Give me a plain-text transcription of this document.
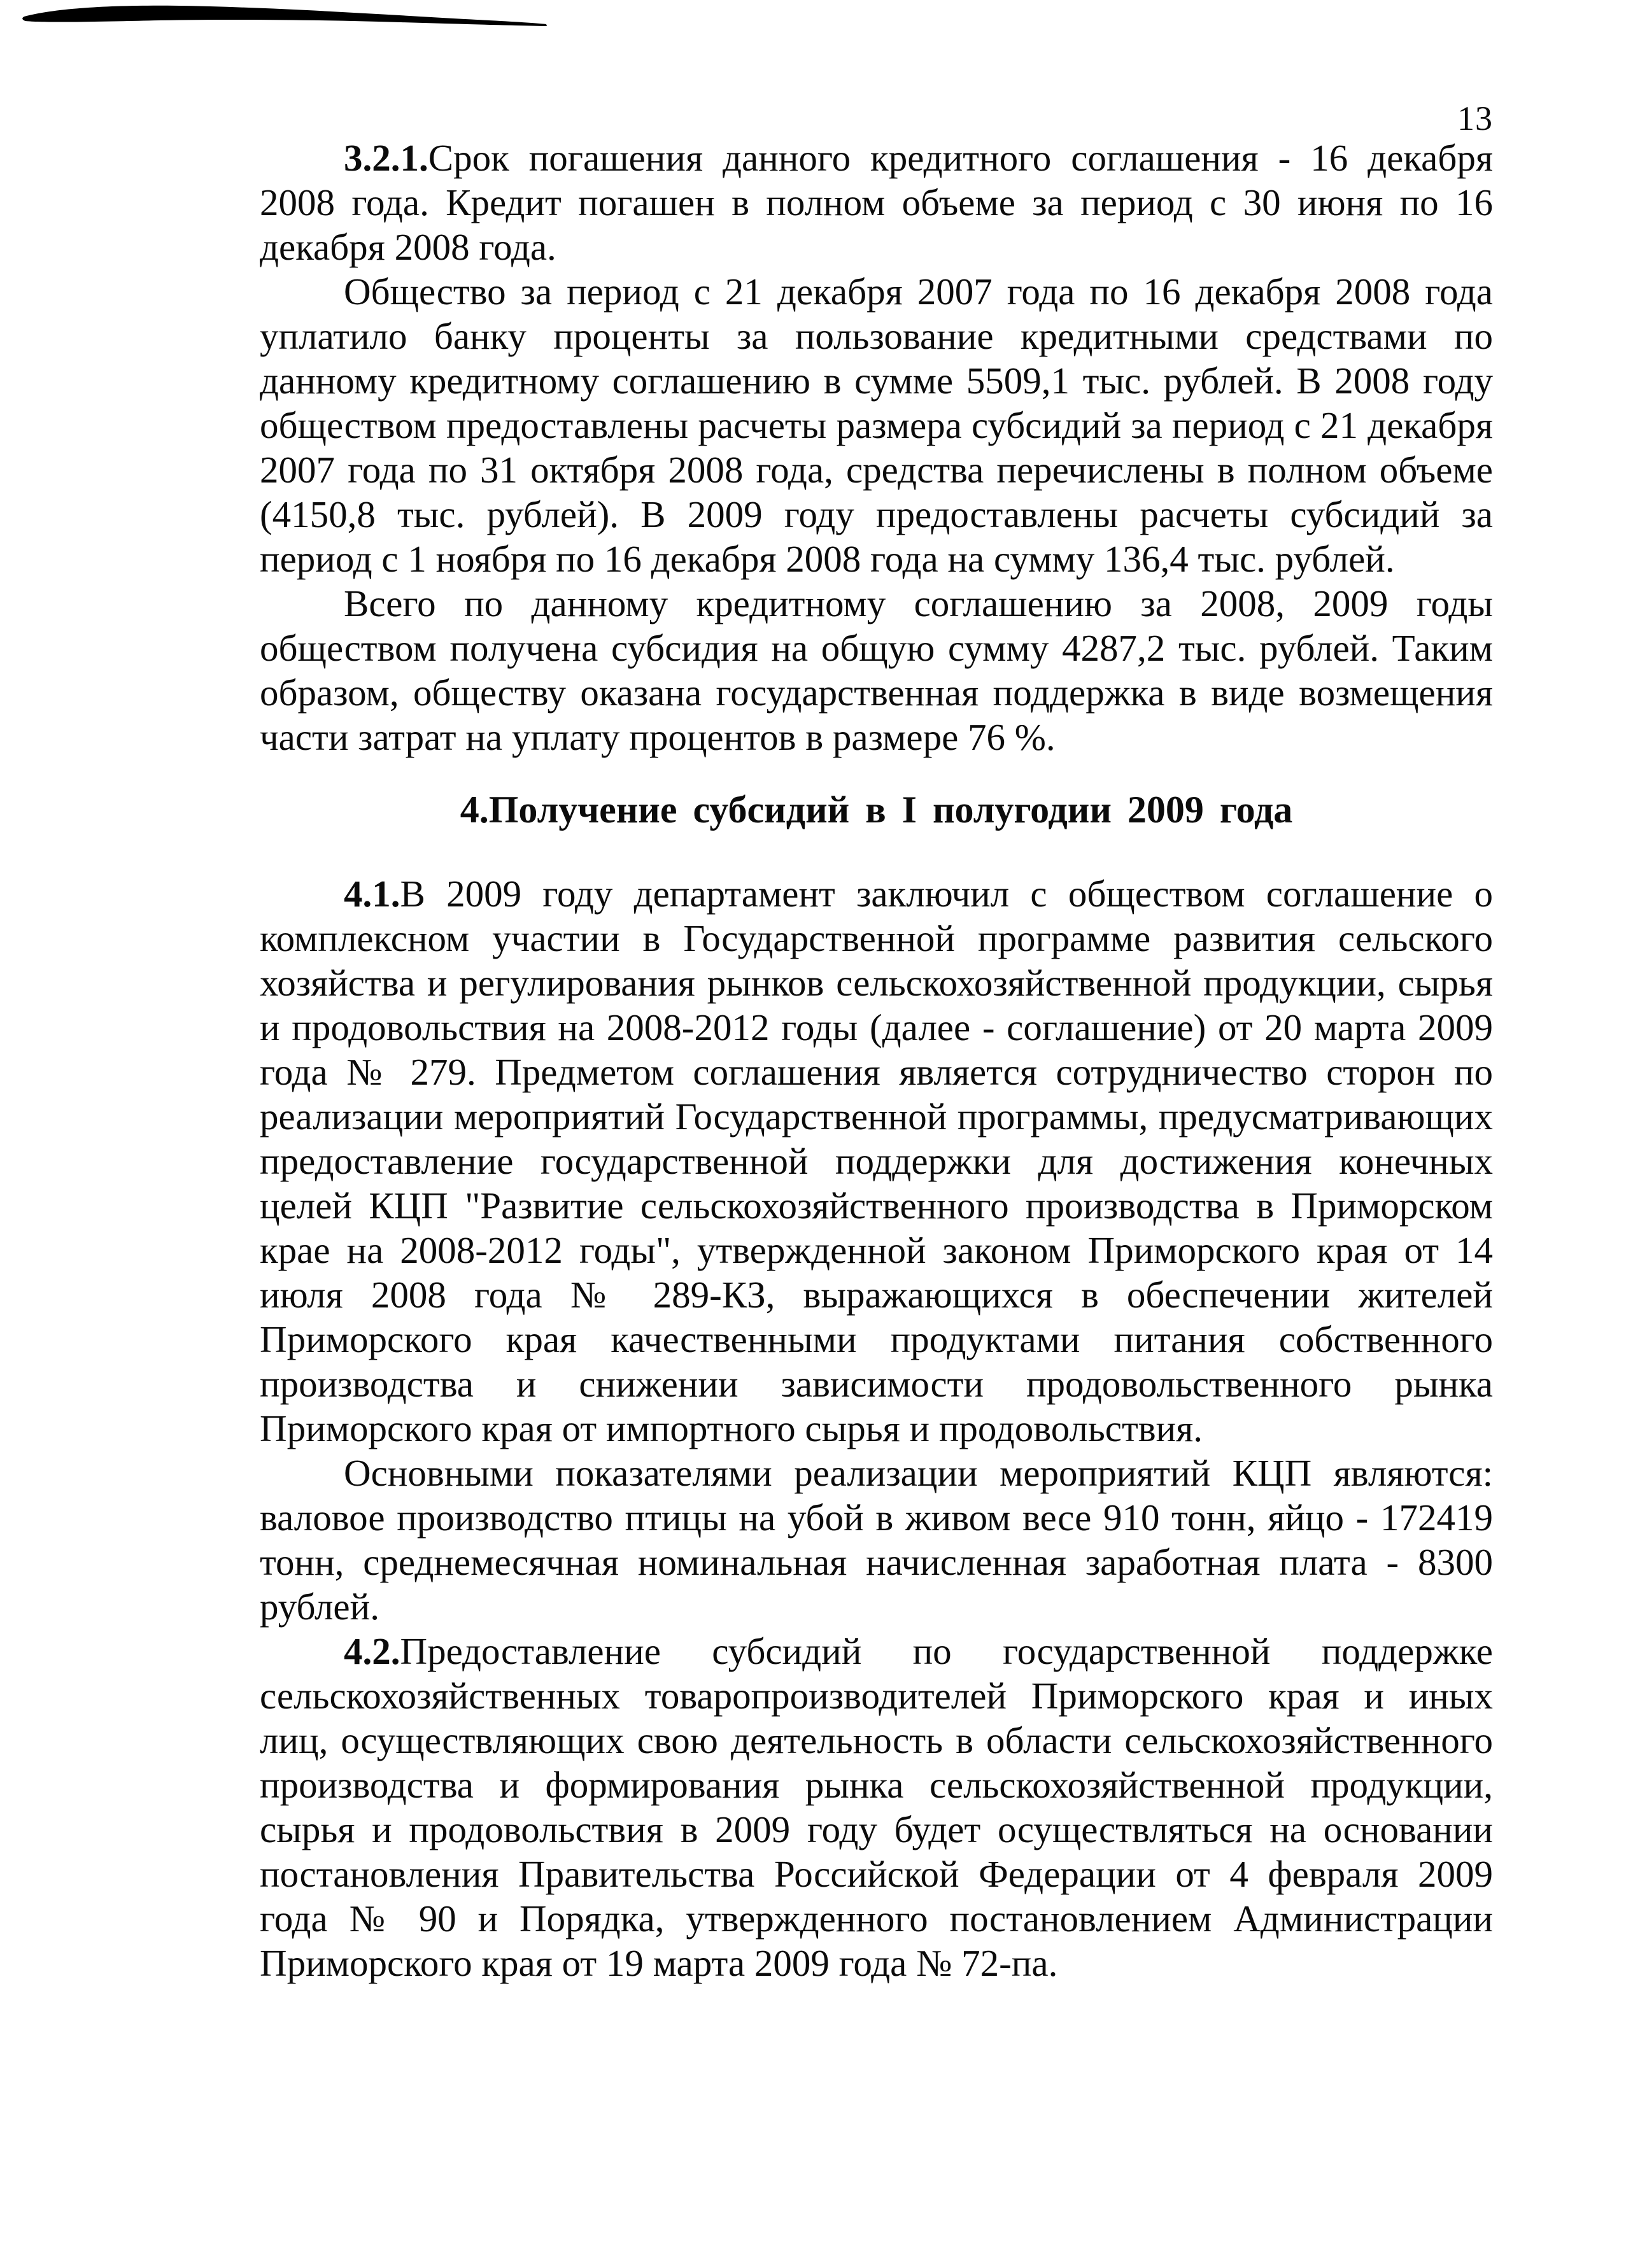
13

3.2.1.Срок погашения данного кредитного соглашения - 16 декабря 2008 года. Кредит погашен в полном объеме за период с 30 июня по 16 декабря 2008 года.

Общество за период с 21 декабря 2007 года по 16 декабря 2008 года уплатило банку проценты за пользование кредитными средствами по данному кредитному соглашению в сумме 5509,1 тыс. рублей. В 2008 году обществом предоставлены расчеты размера субсидий за период с 21 декабря 2007 года по 31 октября 2008 года, средства перечислены в полном объеме (4150,8 тыс. рублей). В 2009 году предоставлены расчеты субсидий за период с 1 ноября по 16 декабря 2008 года на сумму 136,4 тыс. рублей.

Всего по данному кредитному соглашению за 2008, 2009 годы обществом получена субсидия на общую сумму 4287,2 тыс. рублей. Таким образом, обществу оказана государственная поддержка в виде возмещения части затрат на уплату процентов в размере 76 %.

4.Получение субсидий в I полугодии 2009 года

4.1.В 2009 году департамент заключил с обществом соглашение о комплексном участии в Государственной программе развития сельского хозяйства и регулирования рынков сельскохозяйственной продукции, сырья и продовольствия на 2008-2012 годы (далее - соглашение) от 20 марта 2009 года № 279. Предметом соглашения является сотрудничество сторон по реализации мероприятий Государственной программы, предусматривающих предоставление государственной поддержки для достижения конечных целей КЦП "Развитие сельскохозяйственного производства в Приморском крае на 2008-2012 годы", утвержденной законом Приморского края от 14 июля 2008 года № 289-КЗ, выражающихся в обеспечении жителей Приморского края качественными продуктами питания собственного производства и снижении зависимости продовольственного рынка Приморского края от импортного сырья и продовольствия.

Основными показателями реализации мероприятий КЦП являются: валовое производство птицы на убой в живом весе 910 тонн, яйцо - 172419 тонн, среднемесячная номинальная начисленная заработная плата - 8300 рублей.

4.2.Предоставление субсидий по государственной поддержке сельскохозяйственных товаропроизводителей Приморского края и иных лиц, осуществляющих свою деятельность в области сельскохозяйственного производства и формирования рынка сельскохозяйственной продукции, сырья и продовольствия в 2009 году будет осуществляться на основании постановления Правительства Российской Федерации от 4 февраля 2009 года № 90 и Порядка, утвержденного постановлением Администрации Приморского края от 19 марта 2009 года № 72-па.
